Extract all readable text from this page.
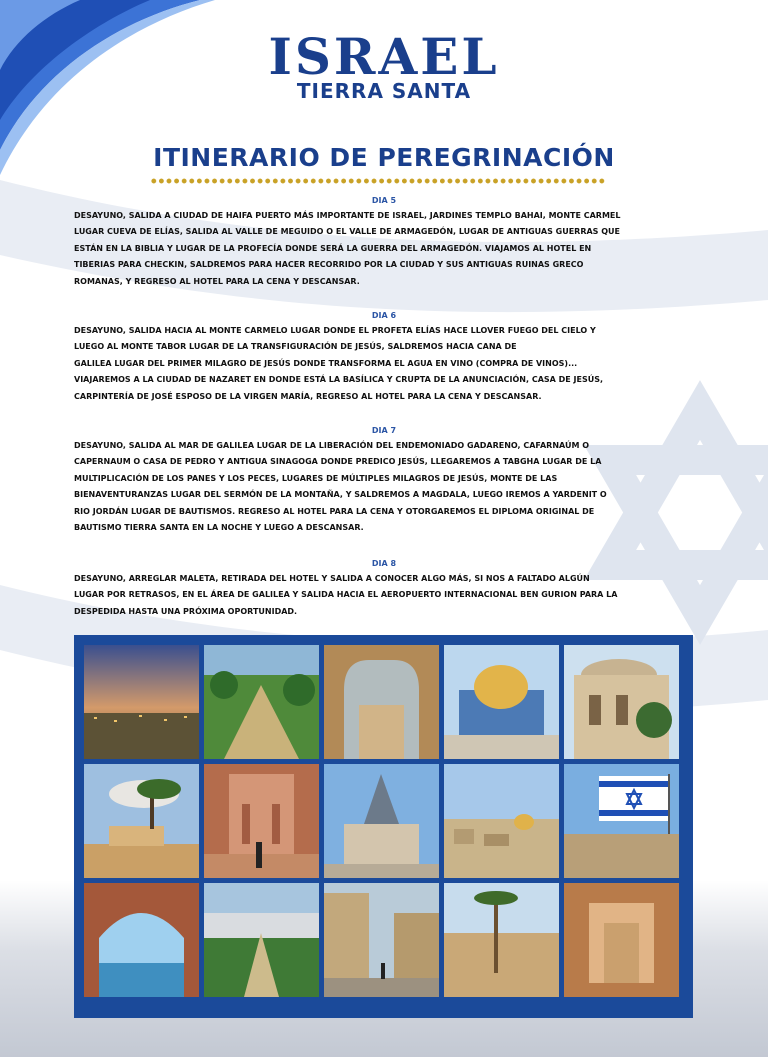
ISRAEL
TIERRA SANTA
ITINERARIO DE PEREGRINACIÓN
DIA 5
DESAYUNO, SALIDA A CIUDAD DE HAIFA PUERTO MÁS IMPORTANTE DE ISRAEL, JARDINES TEMPLO BAHAI, MONTE CARMEL
LUGAR CUEVA DE ELÍAS, SALIDA AL VALLE DE MEGUIDO O EL VALLE DE ARMAGEDÓN, LUGAR DE ANTIGUAS GUERRAS QUE
ESTÁN EN LA BIBLIA Y LUGAR DE LA PROFECÍA DONDE SERÁ LA GUERRA DEL ARMAGEDÓN. VIAJAMOS AL HOTEL EN
TIBERIAS PARA CHECKIN, SALDREMOS PARA HACER RECORRIDO POR LA CIUDAD Y SUS ANTIGUAS RUINAS GRECO
ROMANAS, Y REGRESO AL HOTEL PARA LA CENA Y DESCANSAR.
DIA 6
DESAYUNO, SALIDA HACIA AL MONTE CARMELO LUGAR DONDE EL PROFETA ELÍAS HACE LLOVER FUEGO DEL CIELO Y
LUEGO AL MONTE TABOR LUGAR DE LA TRANSFIGURACIÓN DE JESÚS, SALDREMOS HACIA CANA DE
GALILEA LUGAR DEL PRIMER MILAGRO DE JESÚS DONDE TRANSFORMA EL AGUA EN VINO (COMPRA DE VINOS)...
VIAJAREMOS A LA CIUDAD DE NAZARET EN DONDE ESTÁ LA BASÍLICA Y CRUPTA DE LA ANUNCIACIÓN, CASA DE JESÚS,
CARPINTERÍA DE JOSÉ ESPOSO DE LA VIRGEN MARÍA, REGRESO AL HOTEL PARA LA CENA Y DESCANSAR.
DIA 7
DESAYUNO, SALIDA AL MAR DE GALILEA LUGAR DE LA LIBERACIÓN DEL ENDEMONIADO GADARENO, CAFARNAÚM O
CAPERNAUM O CASA DE PEDRO Y ANTIGUA SINAGOGA DONDE PREDICO JESÚS, LLEGAREMOS A TABGHA LUGAR DE LA
MULTIPLICACIÓN DE LOS PANES Y LOS PECES, LUGARES DE MÚLTIPLES MILAGROS DE JESÚS, MONTE DE LAS
BIENAVENTURANZAS LUGAR DEL SERMÓN DE LA MONTAÑA, Y SALDREMOS A MAGDALA, LUEGO IREMOS A YARDENIT O
RIO JORDÁN LUGAR DE BAUTISMOS. REGRESO AL HOTEL PARA LA CENA Y OTORGAREMOS EL DIPLOMA ORIGINAL DE
BAUTISMO TIERRA SANTA EN LA NOCHE Y LUEGO A DESCANSAR.
DIA 8
DESAYUNO, ARREGLAR MALETA, RETIRADA DEL HOTEL Y SALIDA A CONOCER ALGO MÁS, SI NOS A FALTADO ALGÚN
LUGAR POR RETRASOS, EN EL ÁREA DE GALILEA Y SALIDA HACIA EL AEROPUERTO INTERNACIONAL BEN GURION PARA LA
DESPEDIDA HASTA UNA PRÓXIMA OPORTUNIDAD.
